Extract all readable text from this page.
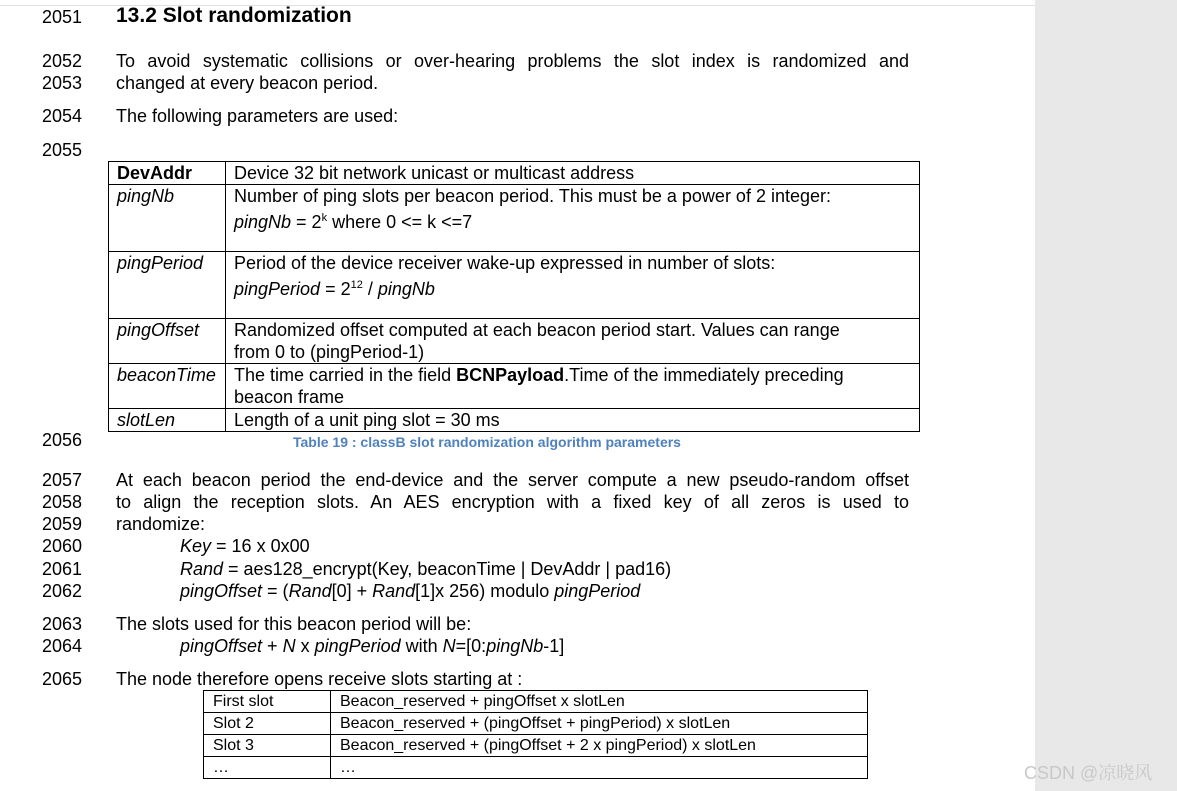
2051
2052
2053
2054
2055
2056
2057
2058
2059
2060
2061
2062
2063
2064
2065
13.2 Slot randomization
To avoid systematic collisions or over-hearing problems the slot index is randomized and
changed at every beacon period.
The following parameters are used:
DevAddr	Device 32 bit network unicast or multicast address
pingNb	Number of ping slots per beacon period. This must be a power of 2 integer:
pingNb = $2^k$ where 0 <= k <=7

pingPeriod	Period of the device receiver wake-up expressed in number of slots:
pingPeriod = $2^{12}$ / pingNb

pingOffset	Randomized offset computed at each beacon period start. Values can range
from 0 to (pingPeriod-1)

beaconTime	The time carried in the field BCNPayload.Time of the immediately preceding
beacon frame

slotLen	Length of a unit ping slot = 30 ms
Table 19 : classB slot randomization algorithm parameters
At each beacon period the end-device and the server compute a new pseudo-random offset
to align the reception slots. An AES encryption with a fixed key of all zeros is used to
randomize:
Key = 16 x 0x00
Rand = aes128_encrypt(Key, beaconTime | DevAddr | pad16)
pingOffset = (Rand[0] + Rand[1]x 256) modulo pingPeriod
The slots used for this beacon period will be:
pingOffset + N x pingPeriod with N=[0:pingNb-1]
The node therefore opens receive slots starting at :
First slot	Beacon_reserved + pingOffset x slotLen
Slot 2	Beacon_reserved + (pingOffset + pingPeriod) x slotLen
Slot 3	Beacon_reserved + (pingOffset + 2 x pingPeriod) x slotLen
…	…	CSDN @凉晓风
